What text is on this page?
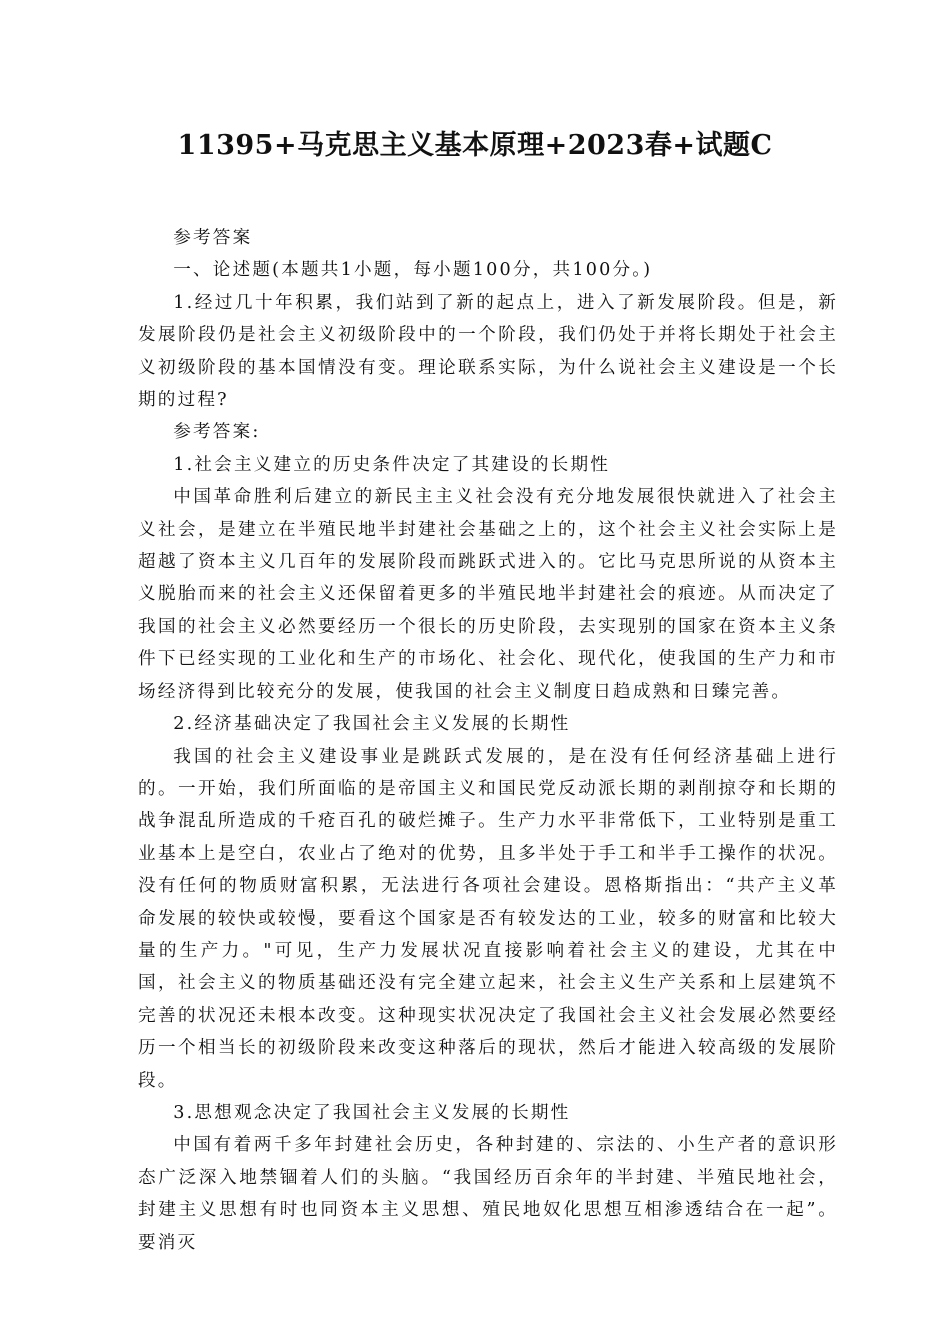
11395+马克思主义基本原理+2023春+试题C

参考答案

一、论述题(本题共1小题，每小题100分，共100分。)

1.经过几十年积累，我们站到了新的起点上，进入了新发展阶段。但是，新发展阶段仍是社会主义初级阶段中的一个阶段，我们仍处于并将长期处于社会主义初级阶段的基本国情没有变。理论联系实际，为什么说社会主义建设是一个长期的过程?

参考答案:

1.社会主义建立的历史条件决定了其建设的长期性

中国革命胜利后建立的新民主主义社会没有充分地发展很快就进入了社会主义社会，是建立在半殖民地半封建社会基础之上的，这个社会主义社会实际上是超越了资本主义几百年的发展阶段而跳跃式进入的。它比马克思所说的从资本主义脱胎而来的社会主义还保留着更多的半殖民地半封建社会的痕迹。从而决定了我国的社会主义必然要经历一个很长的历史阶段，去实现别的国家在资本主义条件下已经实现的工业化和生产的市场化、社会化、现代化，使我国的生产力和市场经济得到比较充分的发展，使我国的社会主义制度日趋成熟和日臻完善。

2.经济基础决定了我国社会主义发展的长期性

我国的社会主义建设事业是跳跃式发展的，是在没有任何经济基础上进行的。一开始，我们所面临的是帝国主义和国民党反动派长期的剥削掠夺和长期的战争混乱所造成的千疮百孔的破烂摊子。生产力水平非常低下，工业特别是重工业基本上是空白，农业占了绝对的优势，且多半处于手工和半手工操作的状况。没有任何的物质财富积累，无法进行各项社会建设。恩格斯指出：“共产主义革命发展的较快或较慢，要看这个国家是否有较发达的工业，较多的财富和比较大量的生产力。"可见，生产力发展状况直接影响着社会主义的建设，尤其在中国，社会主义的物质基础还没有完全建立起来，社会主义生产关系和上层建筑不完善的状况还未根本改变。这种现实状况决定了我国社会主义社会发展必然要经历一个相当长的初级阶段来改变这种落后的现状，然后才能进入较高级的发展阶段。

3.思想观念决定了我国社会主义发展的长期性

中国有着两千多年封建社会历史，各种封建的、宗法的、小生产者的意识形态广泛深入地禁锢着人们的头脑。“我国经历百余年的半封建、半殖民地社会，封建主义思想有时也同资本主义思想、殖民地奴化思想互相渗透结合在一起”。要消灭
